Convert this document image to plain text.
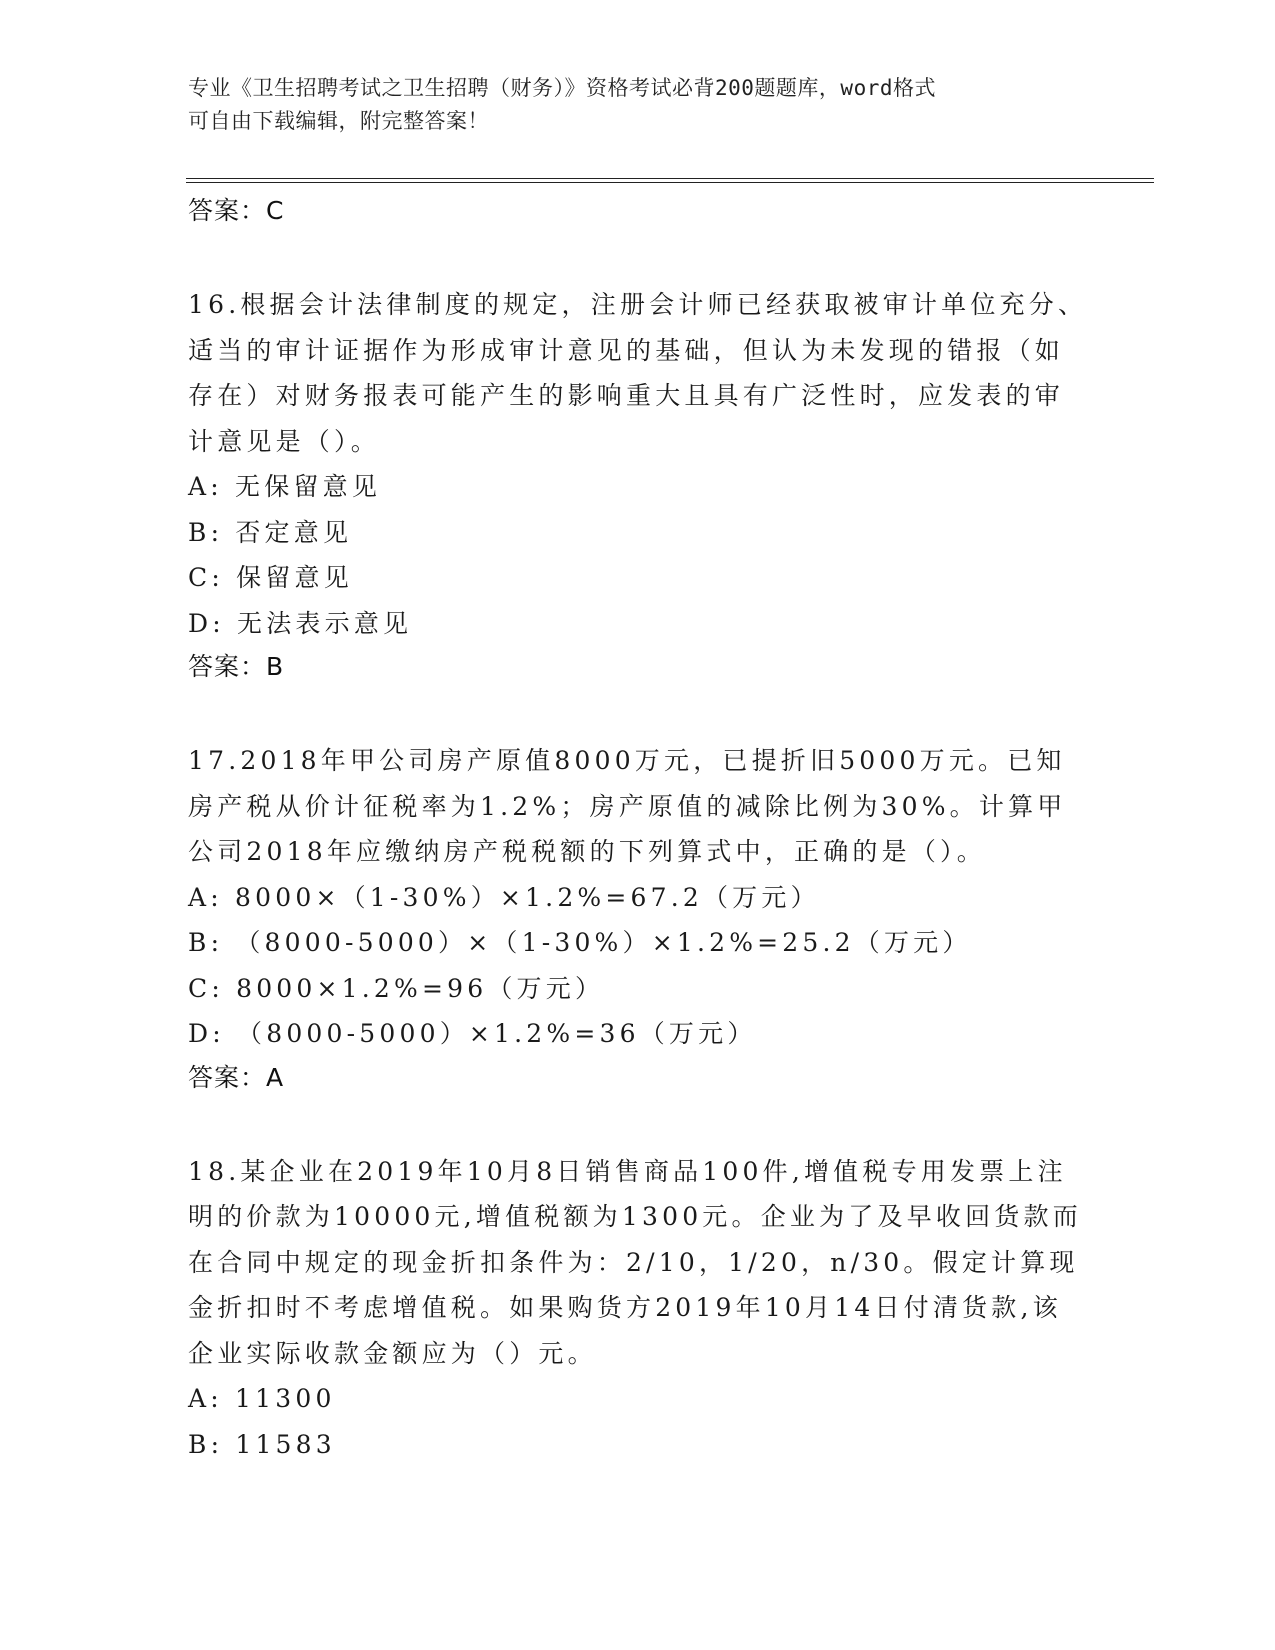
专业《卫生招聘考试之卫生招聘（财务）》资格考试必背200题题库，word格式
可自由下载编辑，附完整答案！
答案：C
16.根据会计法律制度的规定，注册会计师已经获取被审计单位充分、适当的审计证据作为形成审计意见的基础，但认为未发现的错报（如存在）对财务报表可能产生的影响重大且具有广泛性时，应发表的审计意见是（）。
A: 无保留意见
B: 否定意见
C: 保留意见
D: 无法表示意见
答案：B
17.2018年甲公司房产原值8000万元，已提折旧5000万元。已知房产税从价计征税率为1.2%；房产原值的减除比例为30%。计算甲公司2018年应缴纳房产税税额的下列算式中，正确的是（）。
A: 8000×（1-30%）×1.2%=67.2（万元）
B: （8000-5000）×（1-30%）×1.2%=25.2（万元）
C: 8000×1.2%=96（万元）
D: （8000-5000）×1.2%=36（万元）
答案：A
18.某企业在2019年10月8日销售商品100件,增值税专用发票上注明的价款为10000元,增值税额为1300元。企业为了及早收回货款而在合同中规定的现金折扣条件为：2/10，1/20，n/30。假定计算现金折扣时不考虑增值税。如果购货方2019年10月14日付清货款,该企业实际收款金额应为（）元。
A: 11300
B: 11583
